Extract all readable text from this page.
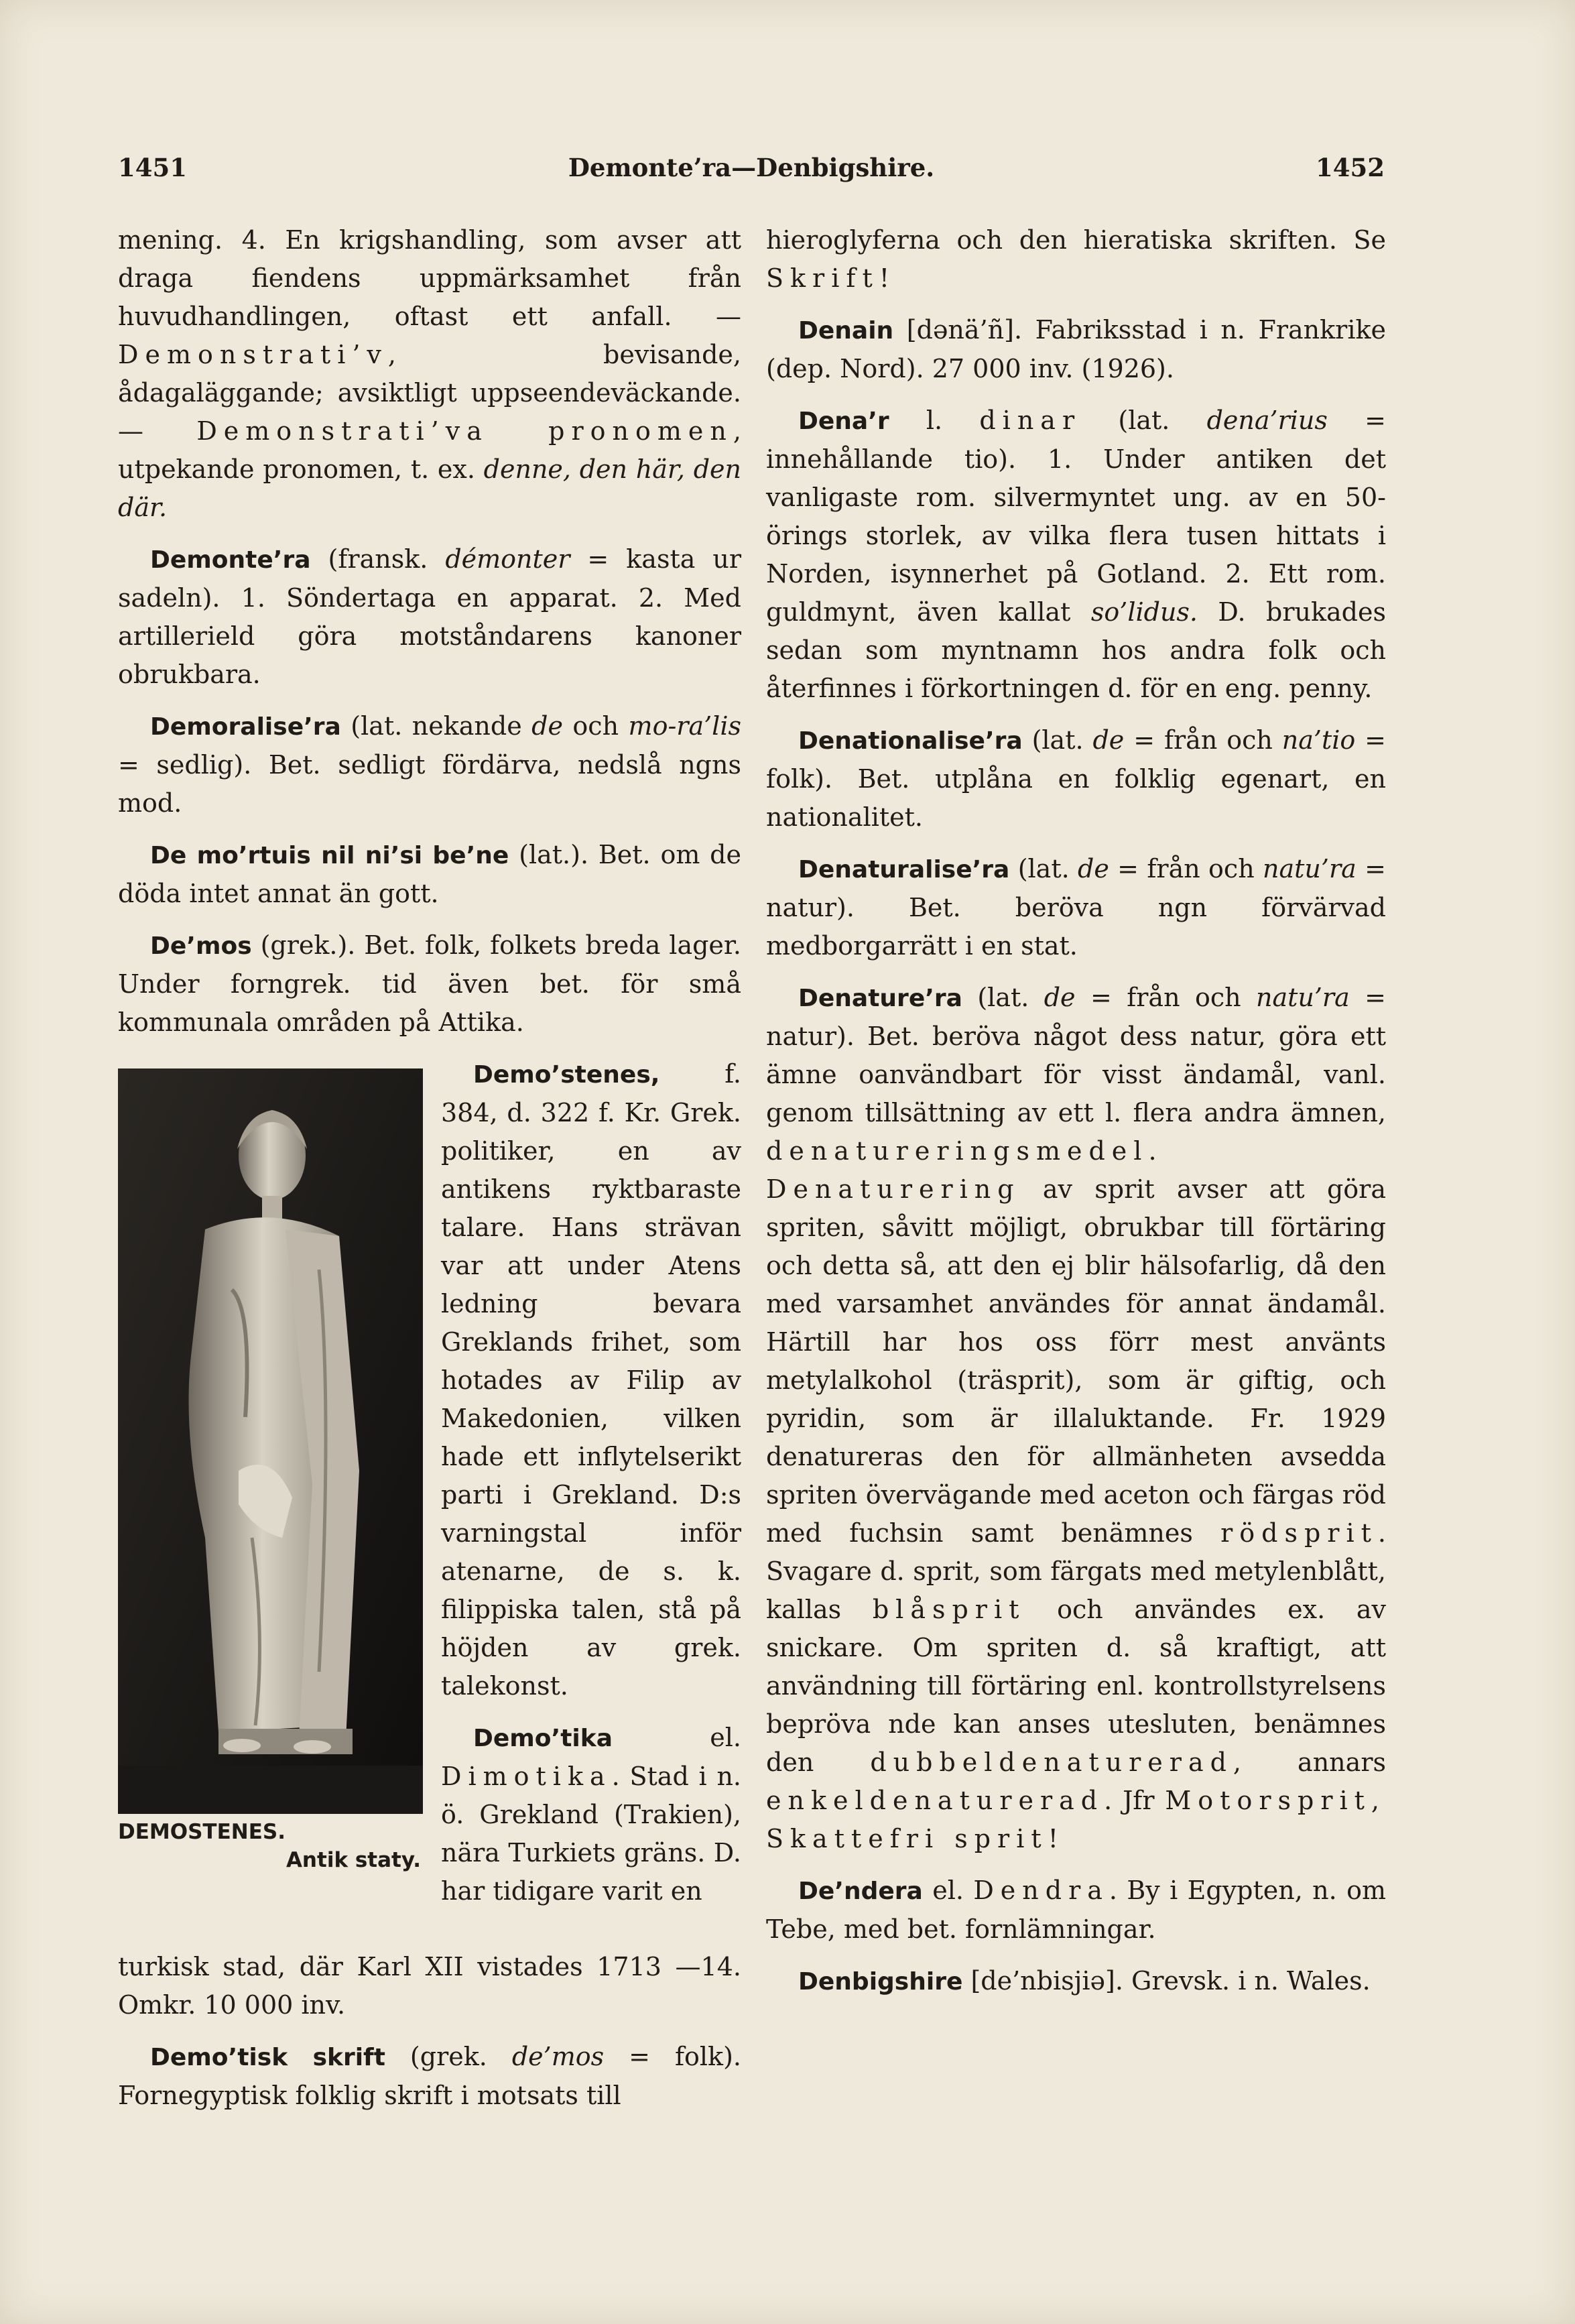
1451	Demonte’ra—Denbigshire.	1452

mening. 4. En krigshandling, som avser att draga fiendens uppmärksamhet från huvudhandlingen, oftast ett anfall. — Demonstrati’v, bevisande, ådagaläggande; avsiktligt uppseendeväckande. — Demonstrati’va pronomen, utpekande pronomen, t. ex. denne, den här, den där.

Demonte’ra (fransk. démonter = kasta ur sadeln). 1. Söndertaga en apparat. 2. Med artillerield göra motståndarens kanoner obrukbara.

Demoralise’ra (lat. nekande de och mo-ra’lis = sedlig). Bet. sedligt fördärva, nedslå ngns mod.

De mo’rtuis nil ni’si be’ne (lat.). Bet. om de döda intet annat än gott.

De’mos (grek.). Bet. folk, folkets breda lager. Under forngrek. tid även bet. för små kommunala områden på Attika.

DEMOSTENES.
Antik staty.

Demo’stenes, f. 384, d. 322 f. Kr. Grek. politiker, en av antikens ryktbaraste talare. Hans strävan var att under Atens ledning bevara Greklands frihet, som hotades av Filip av Makedonien, vilken hade ett inflytelserikt parti i Grekland. D:s varningstal inför atenarne, de s. k. filippiska talen, stå på höjden av grek. talekonst.

Demo’tika el. Dimotika. Stad i n. ö. Grekland (Trakien), nära Turkiets gräns. D. har tidigare varit en

turkisk stad, där Karl XII vistades 1713 —14. Omkr. 10 000 inv.

Demo’tisk skrift (grek. de’mos = folk). Fornegyptisk folklig skrift i motsats till

hieroglyferna och den hieratiska skriften. Se Skrift!

Denain [dənä’ñ]. Fabriksstad i n. Frankrike (dep. Nord). 27 000 inv. (1926).

Dena’r l. dinar (lat. dena’rius = innehållande tio). 1. Under antiken det vanligaste rom. silvermyntet ung. av en 50-örings storlek, av vilka flera tusen hittats i Norden, isynnerhet på Gotland. 2. Ett rom. guldmynt, även kallat so’lidus. D. brukades sedan som myntnamn hos andra folk och återfinnes i förkortningen d. för en eng. penny.

Denationalise’ra (lat. de = från och na’tio = folk). Bet. utplåna en folklig egenart, en nationalitet.

Denaturalise’ra (lat. de = från och natu’ra = natur). Bet. beröva ngn förvärvad medborgarrätt i en stat.

Denature’ra (lat. de = från och natu’ra = natur). Bet. beröva något dess natur, göra ett ämne oanvändbart för visst ändamål, vanl. genom tillsättning av ett l. flera andra ämnen, denatureringsmedel. Denaturering av sprit avser att göra spriten, såvitt möjligt, obrukbar till förtäring och detta så, att den ej blir hälsofarlig, då den med varsamhet användes för annat ändamål. Härtill har hos oss förr mest använts metylalkohol (träsprit), som är giftig, och pyridin, som är illaluktande. Fr. 1929 denatureras den för allmänheten avsedda spriten övervägande med aceton och färgas röd med fuchsin samt benämnes rödsprit. Svagare d. sprit, som färgats med metylenblått, kallas blåsprit och användes ex. av snickare. Om spriten d. så kraftigt, att användning till förtäring enl. kontrollstyrelsens bepröva nde kan anses utesluten, benämnes den dubbeldenaturerad, annars enkeldenaturerad. Jfr Motorsprit, Skattefri sprit!

De’ndera el. Dendra. By i Egypten, n. om Tebe, med bet. fornlämningar.

Denbigshire [de’nbisjiə]. Grevsk. i n. Wales.
